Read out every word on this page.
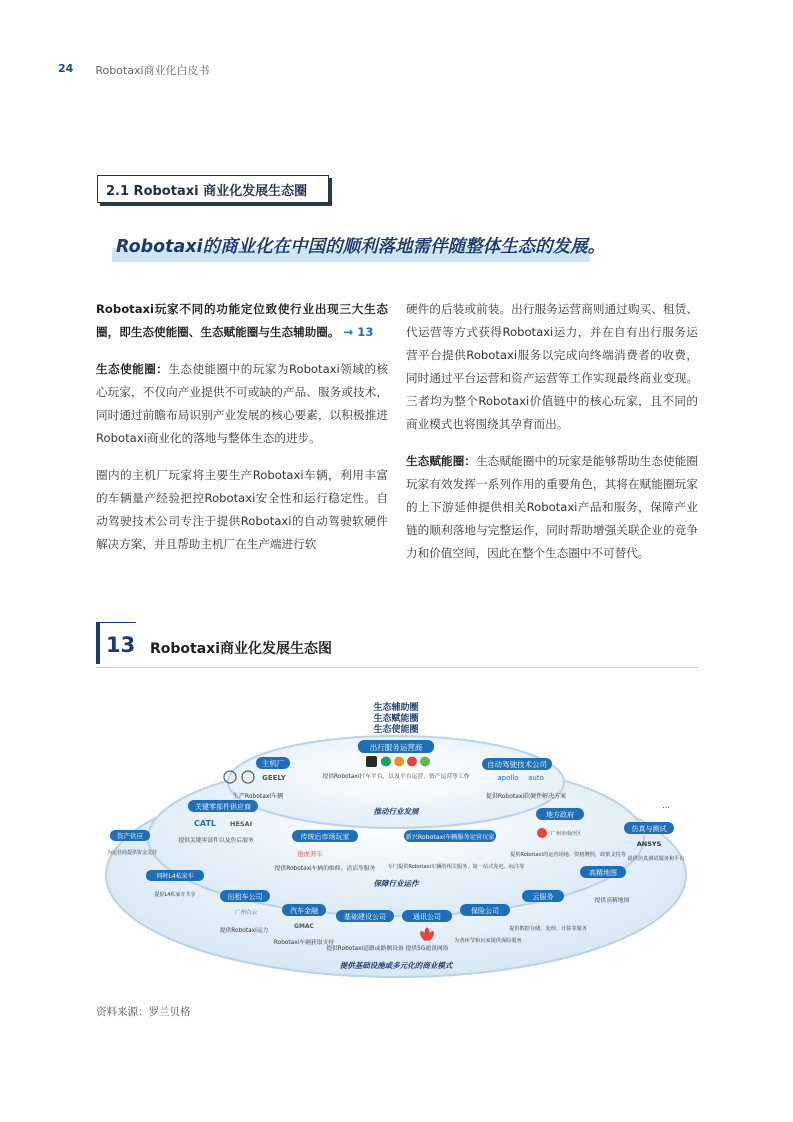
24 Robotaxi商业化白皮书
2.1 Robotaxi 商业化发展生态圈
Robotaxi的商业化在中国的顺利落地需伴随整体生态的发展。

Robotaxi玩家不同的功能定位致使行业出现三大生态圈，即生态使能圈、生态赋能圈与生态辅助圈。 → 13

生态使能圈：生态使能圈中的玩家为Robotaxi领域的核心玩家，不仅向产业提供不可或缺的产品、服务或技术，同时通过前瞻布局识别产业发展的核心要素，以积极推进Robotaxi商业化的落地与整体生态的进步。

圈内的主机厂玩家将主要生产Robotaxi车辆，利用丰富的车辆量产经验把控Robotaxi安全性和运行稳定性。自动驾驶技术公司专注于提供Robotaxi的自动驾驶软硬件解决方案，并且帮助主机厂在生产端进行软

硬件的后装或前装。出行服务运营商则通过购买、租赁、代运营等方式获得Robotaxi运力，并在自有出行服务运营平台提供Robotaxi服务以完成向终端消费者的收费，同时通过平台运营和资产运营等工作实现最终商业变现。三者均为整个Robotaxi价值链中的核心玩家，且不同的商业模式也将围绕其孕育而出。

生态赋能圈：生态赋能圈中的玩家是能够帮助生态使能圈玩家有效发挥一系列作用的重要角色，其将在赋能圈玩家的上下游延伸提供相关Robotaxi产品和服务，保障产业链的顺利落地与完整运作，同时帮助增强关联企业的竞争力和价值空间，因此在整个生态圈中不可替代。

13 Robotaxi商业化发展生态图
生态辅助圈
生态赋能圈
生态使能圈
出行服务运营商
提供Robotaxi打车平台，以及平台运营，资产运营等工作
主机厂
GEELY
生产Robotaxi车辆
自动驾驶技术公司
apollo auto
提供Robotaxi软硬件解决方案
推动行业发展
关键零部件供应商
CATL HESAI
提供关键零部件以及售后服务	传统后市场玩家
途虎养车
提供Robotaxi车辆的维修、清洁等服务
新兴Robotaxi车辆服务运营玩家
专门提供Robotaxi车辆的相关服务，如一站式充电、标注等
地方政府
广州市南沙区
提供Robotaxi的运营场地、资格牌照，政策支持等
仿真与测试
ANSYS
提供仿真测试服务和平台
...
保障行业运作
资产供应
为运营商提供资金支持
同时L4私家车
提供L4私家车共享	出租车公司
广州白云
提供Robotaxi运力
汽车金融
GMAC
Robotaxi车辆获取支持
基础建设公司
提供Robotaxi道路或路侧设备
通讯公司
提供5G通讯网络
保险公司
为各环节和玩家提供保险服务
云服务
提供数据存储、处理、计算等服务
高精地图
提供高精地图
提供基础设施或多元化的商业模式
资料来源：罗兰贝格
